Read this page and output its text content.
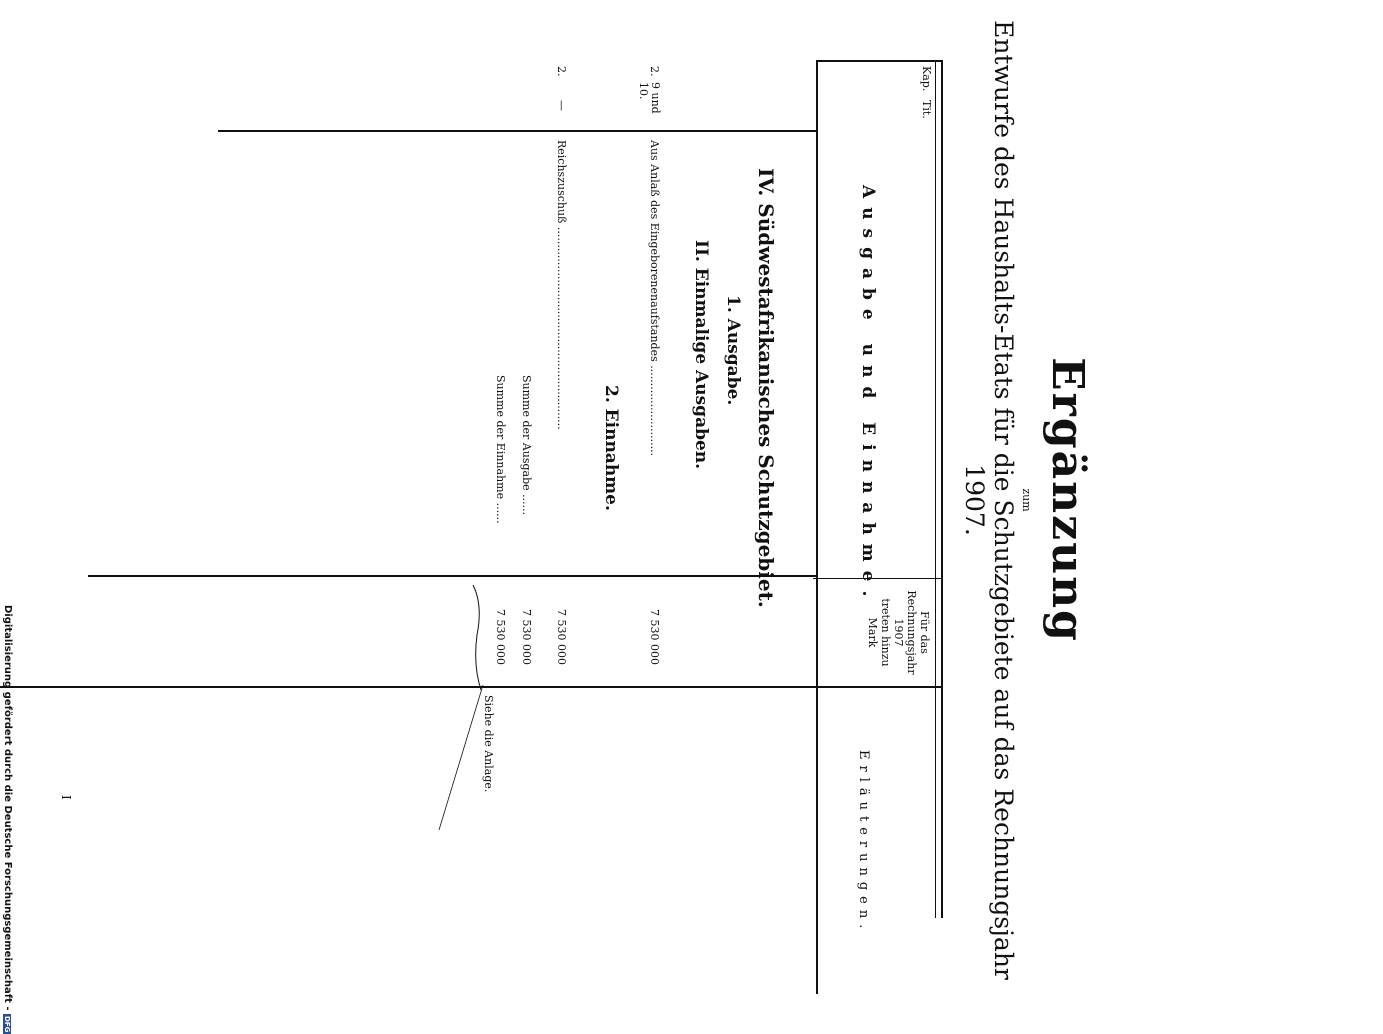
Ergänzung
zum
Entwurfe des Haushalts-Etats für die Schutzgebiete auf das Rechnungsjahr 1907.
Kap.
Tit.
Ausgabe und Einnahme.
Für das
Rechnungsjahr
1907
treten hinzu
Mark
Erläuterungen.
IV. Südwestafrikanisches Schutzgebiet.
1. Ausgabe.
II. Einmalige Ausgaben.
2.
9 und 10.
Aus Anlaß des Eingeborenenaufstandes ..........................
7 530 000
2. Einnahme.
2.
—
Reichszuschuß ..........................................................
7 530 000
Summe der Ausgabe ......
7 530 000
Summe der Einnahme ......
7 530 000
Siehe die Anlage.
Digitalisierung gefördert durch die Deutsche Forschungsgemeinschaft - DFG
I
